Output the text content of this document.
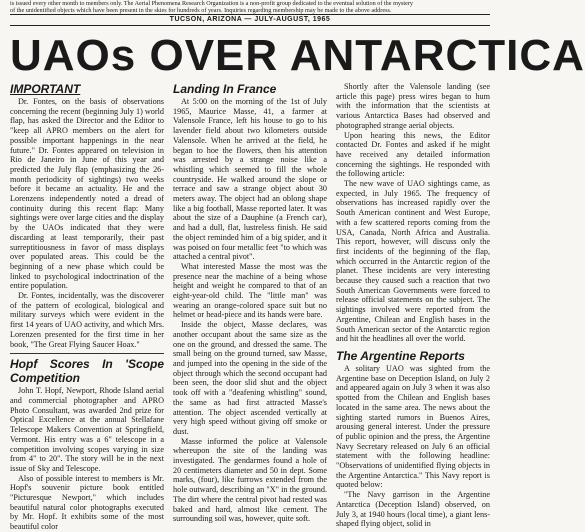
is issued every other month to members only. The Aerial Phenomena Research Organization is a non-profit group dedicated to the eventual solution of the mystery
of the unidentified objects which have been present in the skies for hundreds of years. Inquiries regarding membership may be made to the above address.
TUCSON, ARIZONA — JULY-AUGUST, 1965
UAOs OVER ANTARCTICA
IMPORTANT

Dr. Fontes, on the basis of observations concerning the recent (beginning July 1) world flap, has asked the Director and the Editor to "keep all APRO members on the alert for possible important happenings in the near future." Dr. Fontes appeared on television in Rio de Janeiro in June of this year and predicted the July flap (emphasizing the 26-month periodicity of sightings) two weeks before it became an actuality. He and the Lorenzens independently noted a dread of continuity during this recent flap: Many sightings were over large cities and the display by the UAOs indicated that they were discarding at least temporarily, their past surreptitiousness in favor of mass displays over populated areas. This could be the beginning of a new phase which could be linked to psychological indoctrination of the entire population.

Dr. Fontes, incidentally, was the discoverer of the pattern of ecological, biological and military surveys which were evident in the first 14 years of UAO activity, and which Mrs. Lorenzen presented for the first time in her book, "The Great Flying Saucer Hoax."

Hopf Scores In 'Scope Competition

John T. Hopf, Newport, Rhode Island aerial and commercial photographer and APRO Photo Consultant, was awarded 2nd prize for Optical Excellence at the annual Stellafane Telescope Makers Convention at Springfield, Vermont. His entry was a 6" telescope in a competition involving scopes varying in size from 4" to 20". The story will be in the next issue of Sky and Telescope.

Also of possible interest to members is Mr. Hopf's souvenir picture book entitled "Picturesque Newport," which includes beautiful natural color photographs executed by Mr. Hopf. It exhibits some of the most beautiful color

Landing In France

At 5:00 on the morning of the 1st of July 1965, Maurice Masse, 41, a farmer at Valensole France, left his house to go to his lavender field about two kilometers outside Valensole. When he arrived at the field, he began to hoe the flowers, then his attention was arrested by a strange noise like a whistling which seemed to fill the whole countryside. He walked around the slope or terrace and saw a strange object about 30 meters away. The object had an oblong shape like a big football, Masse reported later. It was about the size of a Dauphine (a French car), and had a dull, flat, lustreless finish. He said the object reminded him of a big spider, and it was poised on four metallic feet "to which was attached a central pivot".

What interested Masse the most was the presence near the machine of a being whose height and weight he compared to that of an eight-year-old child. The "little man" was wearing an orange-colored space suit but no helmet or head-piece and its hands were bare.

Inside the object, Masse declares, was another occupant about the same size as the one on the ground, and dressed the same. The small being on the ground turned, saw Masse, and jumped into the opening in the side of the object through which the second occupant had been seen, the door slid shut and the object took off with a "deafening whistling" sound, the same as had first attracted Masse's attention. The object ascended vertically at very high speed without giving off smoke or dust.

Masse informed the police at Valensole whereupon the site of the landing was investigated. The gendarmes found a hole of 20 centimeters diameter and 50 in dept. Some marks, (four), like furrows extended from the hole outward, describing an "X" in the ground. The dirt where the central pivot had rested was baked and hard, almost like cement. The surrounding soil was, however, quite soft.

Shortly after the Valensole landing (see article this page) press wires began to hum with the information that the scientists at various Antarctica Bases had observed and photographed strange aerial objects.

Upon hearing this news, the Editor contacted Dr. Fontes and asked if he might have received any detailed information concerning the sightings. He responded with the following article:

The new wave of UAO sightings came, as expected, in July 1965. The frequency of observations has increased rapidly over the South American continent and West Europe, with a few scattered reports coming from the USA, Canada, North Africa and Australia. This report, however, will discuss only the first incidents of the beginning of the flap, which occurred in the Antarctic region of the planet. These incidents are very interesting because they caused such a reaction that two South American Governments were forced to release official statements on the subject. The sightings involved were reported from the Argentine, Chilean and English bases in the South American sector of the Antarctic region and hit the headlines all over the world.

The Argentine Reports

A solitary UAO was sighted from the Argentine base on Deception Island, on July 2 and appeared again on July 3 when it was also spotted from the Chilean and English bases located in the same area. The news about the sighting started rumors in Buenos Aires, arousing general interest. Under the pressure of public opinion and the press, the Argentine Navy Secretary released on July 6 an official statement with the following headline: "Observations of unidentified flying objects in the Argentine Antarctica." This Navy report is quoted below:

"The Navy garrison in the Argentine Antarctica (Deception Island) observed, on July 3, at 1940 hours (local time), a giant lens-shaped flying object, solid in
